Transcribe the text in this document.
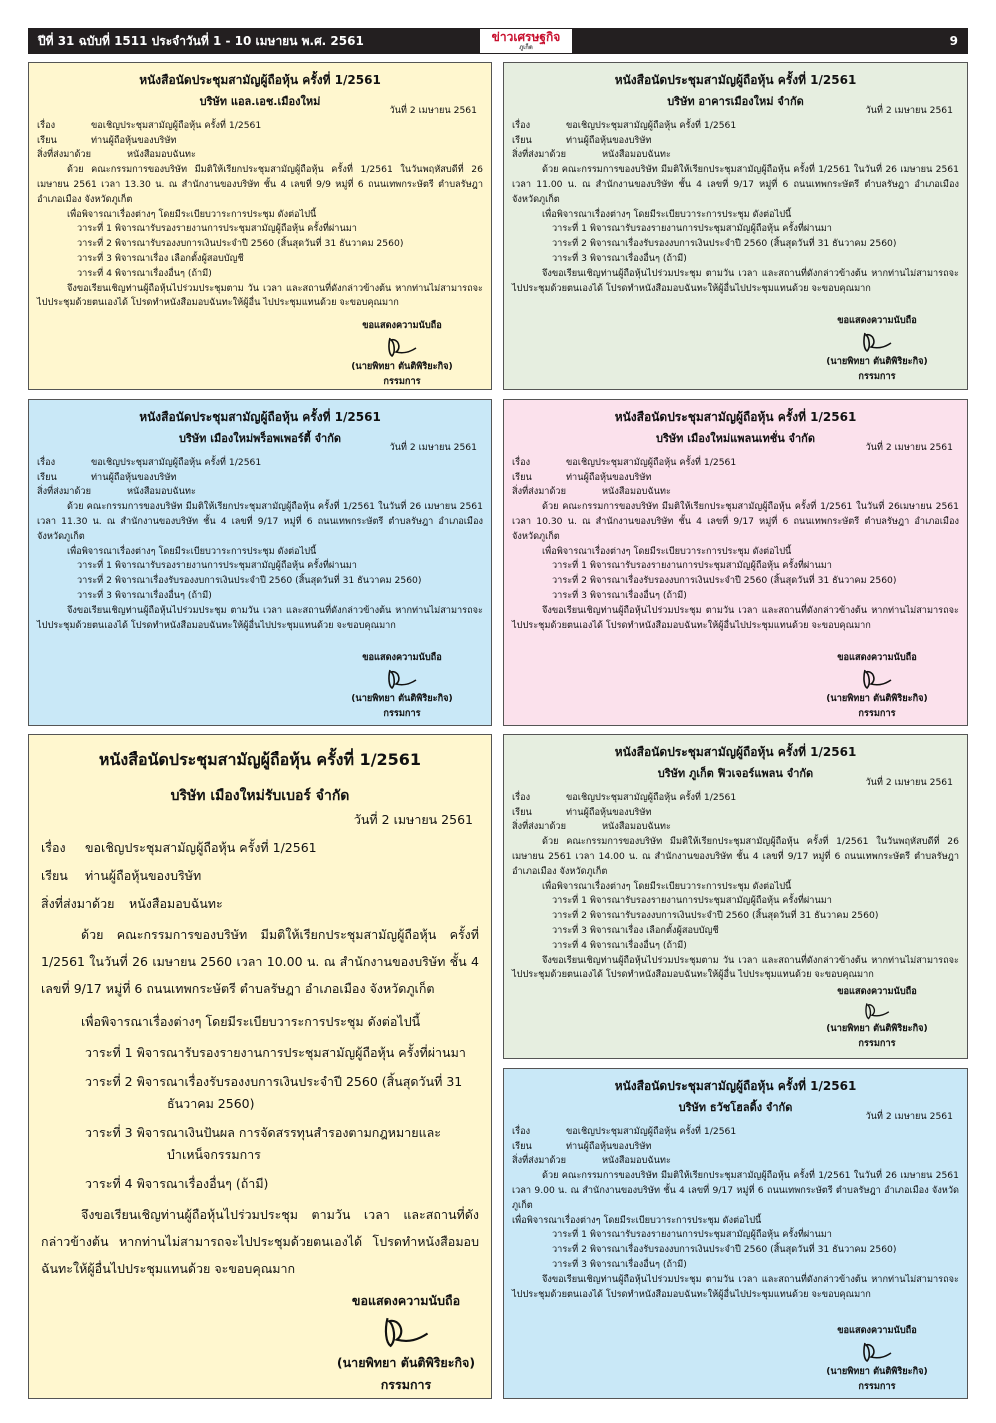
ปีที่ 31 ฉบับที่ 1511 ประจำวันที่ 1 - 10 เมษายน พ.ศ. 2561	9
ข่าวเศรษฐกิจ
ภูเก็ต
หนังสือนัดประชุมสามัญผู้ถือหุ้น ครั้งที่ 1/2561
บริษัท แอล.เอช.เมืองใหม่
วันที่ 2 เมษายน 2561
เรื่อง	ขอเชิญประชุมสามัญผู้ถือหุ้น ครั้งที่ 1/2561
เรียน	ท่านผู้ถือหุ้นของบริษัท
สิ่งที่ส่งมาด้วย	หนังสือมอบฉันทะ
ด้วย คณะกรรมการของบริษัท มีมติให้เรียกประชุมสามัญผู้ถือหุ้น ครั้งที่ 1/2561 ในวันพฤหัสบดีที่ 26 เมษายน 2561 เวลา 13.30 น. ณ สำนักงานของบริษัท ชั้น 4 เลขที่ 9/9 หมู่ที่ 6 ถนนเทพกระษัตรี ตำบลรัษฎา อำเภอเมือง จังหวัดภูเก็ต
เพื่อพิจารณาเรื่องต่างๆ โดยมีระเบียบวาระการประชุม ดังต่อไปนี้
วาระที่ 1 พิจารณารับรองรายงานการประชุมสามัญผู้ถือหุ้น ครั้งที่ผ่านมา
วาระที่ 2 พิจารณารับรองงบการเงินประจำปี 2560 (สิ้นสุดวันที่ 31 ธันวาคม 2560)
วาระที่ 3 พิจารณาเรื่อง เลือกตั้งผู้สอบบัญชี
วาระที่ 4 พิจารณาเรื่องอื่นๆ (ถ้ามี)
จึงขอเรียนเชิญท่านผู้ถือหุ้นไปร่วมประชุมตาม วัน เวลา และสถานที่ดังกล่าวข้างต้น หากท่านไม่สามารถจะไปประชุมด้วยตนเองได้ โปรดทำหนังสือมอบฉันทะให้ผู้อื่น ไปประชุมแทนด้วย จะขอบคุณมาก
ขอแสดงความนับถือ
(นายพิทยา ตันติพิริยะกิจ)
กรรมการ
หนังสือนัดประชุมสามัญผู้ถือหุ้น ครั้งที่ 1/2561
บริษัท อาคารเมืองใหม่ จำกัด
วันที่ 2 เมษายน 2561
เรื่อง	ขอเชิญประชุมสามัญผู้ถือหุ้น ครั้งที่ 1/2561
เรียน	ท่านผู้ถือหุ้นของบริษัท
สิ่งที่ส่งมาด้วย	หนังสือมอบฉันทะ
ด้วย คณะกรรมการของบริษัท มีมติให้เรียกประชุมสามัญผู้ถือหุ้น ครั้งที่ 1/2561 ในวันที่ 26 เมษายน 2561 เวลา 11.00 น. ณ สำนักงานของบริษัท ชั้น 4 เลขที่ 9/17 หมู่ที่ 6 ถนนเทพกระษัตรี ตำบลรัษฎา อำเภอเมือง จังหวัดภูเก็ต
เพื่อพิจารณาเรื่องต่างๆ โดยมีระเบียบวาระการประชุม ดังต่อไปนี้
วาระที่ 1 พิจารณารับรองรายงานการประชุมสามัญผู้ถือหุ้น ครั้งที่ผ่านมา
วาระที่ 2 พิจารณาเรื่องรับรองงบการเงินประจำปี 2560 (สิ้นสุดวันที่ 31 ธันวาคม 2560)
วาระที่ 3 พิจารณาเรื่องอื่นๆ (ถ้ามี)
จึงขอเรียนเชิญท่านผู้ถือหุ้นไปร่วมประชุม ตามวัน เวลา และสถานที่ดังกล่าวข้างต้น หากท่านไม่สามารถจะไปประชุมด้วยตนเองได้ โปรดทำหนังสือมอบฉันทะให้ผู้อื่นไปประชุมแทนด้วย จะขอบคุณมาก
ขอแสดงความนับถือ
(นายพิทยา ตันติพิริยะกิจ)
กรรมการ
หนังสือนัดประชุมสามัญผู้ถือหุ้น ครั้งที่ 1/2561
บริษัท เมืองใหม่พร็อพเพอร์ตี้ จำกัด
วันที่ 2 เมษายน 2561
เรื่อง	ขอเชิญประชุมสามัญผู้ถือหุ้น ครั้งที่ 1/2561
เรียน	ท่านผู้ถือหุ้นของบริษัท
สิ่งที่ส่งมาด้วย	หนังสือมอบฉันทะ
ด้วย คณะกรรมการของบริษัท มีมติให้เรียกประชุมสามัญผู้ถือหุ้น ครั้งที่ 1/2561 ในวันที่ 26 เมษายน 2561 เวลา 11.30 น. ณ สำนักงานของบริษัท ชั้น 4 เลขที่ 9/17 หมู่ที่ 6 ถนนเทพกระษัตรี ตำบลรัษฎา อำเภอเมือง จังหวัดภูเก็ต
เพื่อพิจารณาเรื่องต่างๆ โดยมีระเบียบวาระการประชุม ดังต่อไปนี้
วาระที่ 1 พิจารณารับรองรายงานการประชุมสามัญผู้ถือหุ้น ครั้งที่ผ่านมา
วาระที่ 2 พิจารณาเรื่องรับรองงบการเงินประจำปี 2560 (สิ้นสุดวันที่ 31 ธันวาคม 2560)
วาระที่ 3 พิจารณาเรื่องอื่นๆ (ถ้ามี)
จึงขอเรียนเชิญท่านผู้ถือหุ้นไปร่วมประชุม ตามวัน เวลา และสถานที่ดังกล่าวข้างต้น หากท่านไม่สามารถจะไปประชุมด้วยตนเองได้ โปรดทำหนังสือมอบฉันทะให้ผู้อื่นไปประชุมแทนด้วย จะขอบคุณมาก
ขอแสดงความนับถือ
(นายพิทยา ตันติพิริยะกิจ)
กรรมการ
หนังสือนัดประชุมสามัญผู้ถือหุ้น ครั้งที่ 1/2561
บริษัท เมืองใหม่แพลนเทชั่น จำกัด
วันที่ 2 เมษายน 2561
เรื่อง	ขอเชิญประชุมสามัญผู้ถือหุ้น ครั้งที่ 1/2561
เรียน	ท่านผู้ถือหุ้นของบริษัท
สิ่งที่ส่งมาด้วย	หนังสือมอบฉันทะ
ด้วย คณะกรรมการของบริษัท มีมติให้เรียกประชุมสามัญผู้ถือหุ้น ครั้งที่ 1/2561 ในวันที่ 26เมษายน 2561 เวลา 10.30 น. ณ สำนักงานของบริษัท ชั้น 4 เลขที่ 9/17 หมู่ที่ 6 ถนนเทพกระษัตรี ตำบลรัษฎา อำเภอเมือง จังหวัดภูเก็ต
เพื่อพิจารณาเรื่องต่างๆ โดยมีระเบียบวาระการประชุม ดังต่อไปนี้
วาระที่ 1 พิจารณารับรองรายงานการประชุมสามัญผู้ถือหุ้น ครั้งที่ผ่านมา
วาระที่ 2 พิจารณาเรื่องรับรองงบการเงินประจำปี 2560 (สิ้นสุดวันที่ 31 ธันวาคม 2560)
วาระที่ 3 พิจารณาเรื่องอื่นๆ (ถ้ามี)
จึงขอเรียนเชิญท่านผู้ถือหุ้นไปร่วมประชุม ตามวัน เวลา และสถานที่ดังกล่าวข้างต้น หากท่านไม่สามารถจะไปประชุมด้วยตนเองได้ โปรดทำหนังสือมอบฉันทะให้ผู้อื่นไปประชุมแทนด้วย จะขอบคุณมาก
ขอแสดงความนับถือ
(นายพิทยา ตันติพิริยะกิจ)
กรรมการ
หนังสือนัดประชุมสามัญผู้ถือหุ้น ครั้งที่ 1/2561
บริษัท เมืองใหม่รับเบอร์ จำกัด
วันที่ 2 เมษายน 2561
เรื่อง	ขอเชิญประชุมสามัญผู้ถือหุ้น ครั้งที่ 1/2561
เรียน	ท่านผู้ถือหุ้นของบริษัท
สิ่งที่ส่งมาด้วย	หนังสือมอบฉันทะ
ด้วย คณะกรรมการของบริษัท มีมติให้เรียกประชุมสามัญผู้ถือหุ้น ครั้งที่ 1/2561 ในวันที่ 26 เมษายน 2560 เวลา 10.00 น. ณ สำนักงานของบริษัท ชั้น 4 เลขที่ 9/17 หมู่ที่ 6 ถนนเทพกระษัตรี ตำบลรัษฎา อำเภอเมือง จังหวัดภูเก็ต
เพื่อพิจารณาเรื่องต่างๆ โดยมีระเบียบวาระการประชุม ดังต่อไปนี้
วาระที่ 1 พิจารณารับรองรายงานการประชุมสามัญผู้ถือหุ้น ครั้งที่ผ่านมา
วาระที่ 2 พิจารณาเรื่องรับรองงบการเงินประจำปี 2560 (สิ้นสุดวันที่ 31 ธันวาคม 2560)
วาระที่ 3 พิจารณาเงินปันผล การจัดสรรทุนสำรองตามกฎหมายและบำเหน็จกรรมการ
วาระที่ 4 พิจารณาเรื่องอื่นๆ (ถ้ามี)
จึงขอเรียนเชิญท่านผู้ถือหุ้นไปร่วมประชุม ตามวัน เวลา และสถานที่ดังกล่าวข้างต้น หากท่านไม่สามารถจะไปประชุมด้วยตนเองได้ โปรดทำหนังสือมอบฉันทะให้ผู้อื่นไปประชุมแทนด้วย จะขอบคุณมาก
ขอแสดงความนับถือ
(นายพิทยา ตันติพิริยะกิจ)
กรรมการ
หนังสือนัดประชุมสามัญผู้ถือหุ้น ครั้งที่ 1/2561
บริษัท ภูเก็ต ฟิวเจอร์แพลน จำกัด
วันที่ 2 เมษายน 2561
เรื่อง	ขอเชิญประชุมสามัญผู้ถือหุ้น ครั้งที่ 1/2561
เรียน	ท่านผู้ถือหุ้นของบริษัท
สิ่งที่ส่งมาด้วย	หนังสือมอบฉันทะ
ด้วย คณะกรรมการของบริษัท มีมติให้เรียกประชุมสามัญผู้ถือหุ้น ครั้งที่ 1/2561 ในวันพฤหัสบดีที่ 26 เมษายน 2561 เวลา 14.00 น. ณ สำนักงานของบริษัท ชั้น 4 เลขที่ 9/17 หมู่ที่ 6 ถนนเทพกระษัตรี ตำบลรัษฎา อำเภอเมือง จังหวัดภูเก็ต
เพื่อพิจารณาเรื่องต่างๆ โดยมีระเบียบวาระการประชุม ดังต่อไปนี้
วาระที่ 1 พิจารณารับรองรายงานการประชุมสามัญผู้ถือหุ้น ครั้งที่ผ่านมา
วาระที่ 2 พิจารณารับรองงบการเงินประจำปี 2560 (สิ้นสุดวันที่ 31 ธันวาคม 2560)
วาระที่ 3 พิจารณาเรื่อง เลือกตั้งผู้สอบบัญชี
วาระที่ 4 พิจารณาเรื่องอื่นๆ (ถ้ามี)
จึงขอเรียนเชิญท่านผู้ถือหุ้นไปร่วมประชุมตาม วัน เวลา และสถานที่ดังกล่าวข้างต้น หากท่านไม่สามารถจะไปประชุมด้วยตนเองได้ โปรดทำหนังสือมอบฉันทะให้ผู้อื่น ไปประชุมแทนด้วย จะขอบคุณมาก
ขอแสดงความนับถือ
(นายพิทยา ตันติพิริยะกิจ)
กรรมการ
หนังสือนัดประชุมสามัญผู้ถือหุ้น ครั้งที่ 1/2561
บริษัท ธวัชโฮลดิ้ง จำกัด
วันที่ 2 เมษายน 2561
เรื่อง	ขอเชิญประชุมสามัญผู้ถือหุ้น ครั้งที่ 1/2561
เรียน	ท่านผู้ถือหุ้นของบริษัท
สิ่งที่ส่งมาด้วย	หนังสือมอบฉันทะ
ด้วย คณะกรรมการของบริษัท มีมติให้เรียกประชุมสามัญผู้ถือหุ้น ครั้งที่ 1/2561 ในวันที่ 26 เมษายน 2561 เวลา 9.00 น. ณ สำนักงานของบริษัท ชั้น 4 เลขที่ 9/17 หมู่ที่ 6 ถนนเทพกระษัตรี ตำบลรัษฎา อำเภอเมือง จังหวัดภูเก็ต
เพื่อพิจารณาเรื่องต่างๆ โดยมีระเบียบวาระการประชุม ดังต่อไปนี้
วาระที่ 1 พิจารณารับรองรายงานการประชุมสามัญผู้ถือหุ้น ครั้งที่ผ่านมา
วาระที่ 2 พิจารณาเรื่องรับรองงบการเงินประจำปี 2560 (สิ้นสุดวันที่ 31 ธันวาคม 2560)
วาระที่ 3 พิจารณาเรื่องอื่นๆ (ถ้ามี)
จึงขอเรียนเชิญท่านผู้ถือหุ้นไปร่วมประชุม ตามวัน เวลา และสถานที่ดังกล่าวข้างต้น หากท่านไม่สามารถจะไปประชุมด้วยตนเองได้ โปรดทำหนังสือมอบฉันทะให้ผู้อื่นไปประชุมแทนด้วย จะขอบคุณมาก
ขอแสดงความนับถือ
(นายพิทยา ตันติพิริยะกิจ)
กรรมการ
